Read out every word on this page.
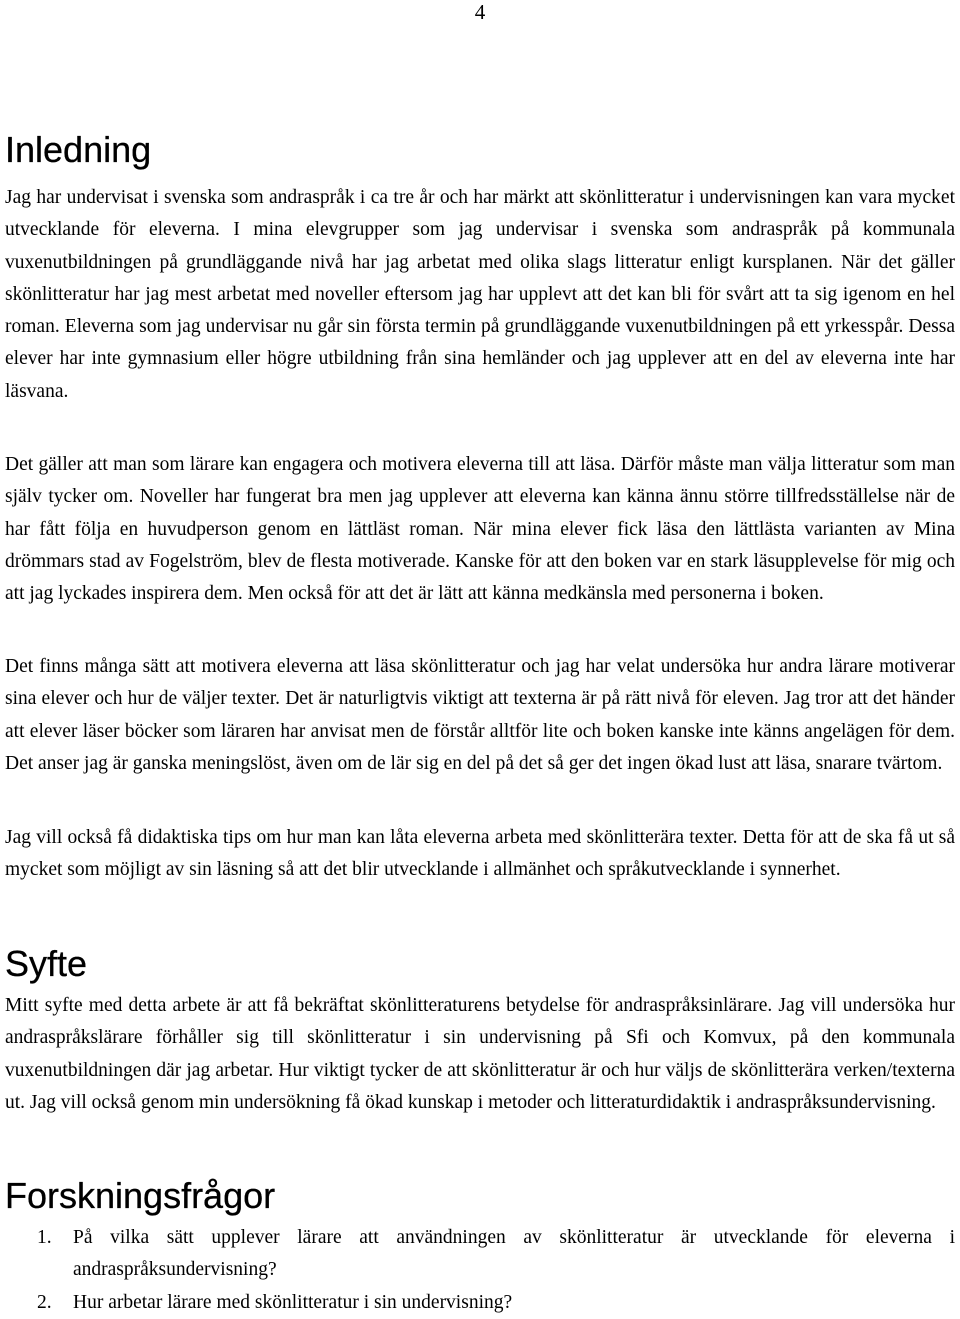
4
Inledning

Jag har undervisat i svenska som andraspråk i ca tre år och har märkt att skönlitteratur i undervisningen kan vara mycket utvecklande för eleverna. I mina elevgrupper som jag undervisar i svenska som andraspråk på kommunala vuxenutbildningen på grundläggande nivå har jag arbetat med olika slags litteratur enligt kursplanen. När det gäller skönlitteratur har jag mest arbetat med noveller eftersom jag har upplevt att det kan bli för svårt att ta sig igenom en hel roman. Eleverna som jag undervisar nu går sin första termin på grundläggande vuxenutbildningen på ett yrkesspår. Dessa elever har inte gymnasium eller högre utbildning från sina hemländer och jag upplever att en del av eleverna inte har läsvana.

Det gäller att man som lärare kan engagera och motivera eleverna till att läsa. Därför måste man välja litteratur som man själv tycker om. Noveller har fungerat bra men jag upplever att eleverna kan känna ännu större tillfredsställelse när de har fått följa en huvudperson genom en lättläst roman. När mina elever fick läsa den lättlästa varianten av Mina drömmars stad av Fogelström, blev de flesta motiverade. Kanske för att den boken var en stark läsupplevelse för mig och att jag lyckades inspirera dem. Men också för att det är lätt att känna medkänsla med personerna i boken.

Det finns många sätt att motivera eleverna att läsa skönlitteratur och jag har velat undersöka hur andra lärare motiverar sina elever och hur de väljer texter. Det är naturligtvis viktigt att texterna är på rätt nivå för eleven. Jag tror att det händer att elever läser böcker som läraren har anvisat men de förstår alltför lite och boken kanske inte känns angelägen för dem. Det anser jag är ganska meningslöst, även om de lär sig en del på det så ger det ingen ökad lust att läsa, snarare tvärtom.

Jag vill också få didaktiska tips om hur man kan låta eleverna arbeta med skönlitterära texter. Detta för att de ska få ut så mycket som möjligt av sin läsning så att det blir utvecklande i allmänhet och språkutvecklande i synnerhet.

Syfte

Mitt syfte med detta arbete är att få bekräftat skönlitteraturens betydelse för andraspråksinlärare. Jag vill undersöka hur andraspråkslärare förhåller sig till skönlitteratur i sin undervisning på Sfi och Komvux, på den kommunala vuxenutbildningen där jag arbetar. Hur viktigt tycker de att skönlitteratur är och hur väljs de skönlitterära verken/texterna ut. Jag vill också genom min undersökning få ökad kunskap i metoder och litteraturdidaktik i andraspråksundervisning.

Forskningsfrågor
1. På vilka sätt upplever lärare att användningen av skönlitteratur är utvecklande för eleverna i andraspråksundervisning?
2. Hur arbetar lärare med skönlitteratur i sin undervisning?
